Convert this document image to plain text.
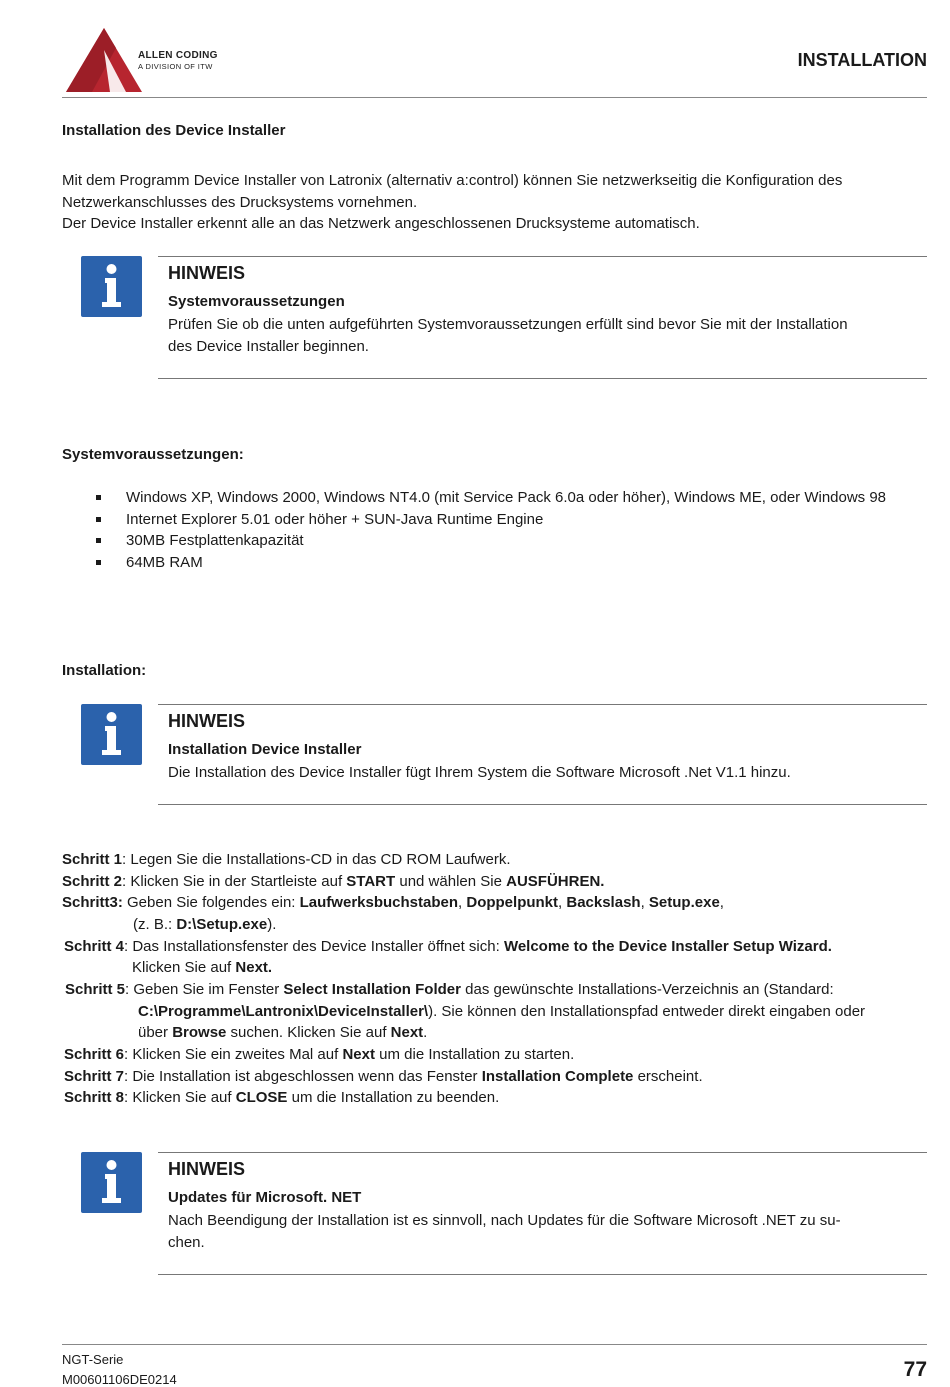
ALLEN CODING
A DIVISION OF ITW	INSTALLATION
Installation des Device Installer

Mit dem Programm Device Installer von Latronix (alternativ a:control) können Sie netzwerkseitig die Konfiguration des

Netzwerkanschlusses des Drucksystems vornehmen.

Der Device Installer erkennt alle an das Netzwerk angeschlossenen Drucksysteme automatisch.

HINWEIS
Systemvoraussetzungen
Prüfen Sie ob die unten aufgeführten Systemvoraussetzungen erfüllt sind bevor Sie mit der Installation
des Device Installer beginnen.
Systemvoraussetzungen:
Windows XP, Windows 2000, Windows NT4.0 (mit Service Pack 6.0a oder höher), Windows ME, oder Windows 98
Internet Explorer 5.01 oder höher + SUN-Java Runtime Engine
30MB Festplattenkapazität
64MB RAM
Installation:
HINWEIS
Installation Device Installer
Die Installation des Device Installer fügt Ihrem System die Software Microsoft .Net V1.1 hinzu.
Schritt 1: Legen Sie die Installations-CD in das CD ROM Laufwerk.
Schritt 2: Klicken Sie in der Startleiste auf START und wählen Sie AUSFÜHREN.
Schritt3: Geben Sie folgendes ein: Laufwerksbuchstaben, Doppelpunkt, Backslash, Setup.exe,
(z. B.: D:\Setup.exe).
Schritt 4: Das Installationsfenster des Device Installer öffnet sich: Welcome to the Device Installer Setup Wizard.
Klicken Sie auf Next.
Schritt 5: Geben Sie im Fenster Select Installation Folder das gewünschte Installations-Verzeichnis an (Standard:
C:\Programme\Lantronix\DeviceInstaller\). Sie können den Installationspfad entweder direkt eingaben oder
über Browse suchen. Klicken Sie auf Next.
Schritt 6: Klicken Sie ein zweites Mal auf Next um die Installation zu starten.
Schritt 7: Die Installation ist abgeschlossen wenn das Fenster Installation Complete erscheint.
Schritt 8: Klicken Sie auf CLOSE um die Installation zu beenden.
HINWEIS
Updates für Microsoft. NET
Nach Beendigung der Installation ist es sinnvoll, nach Updates für die Software Microsoft .NET zu su-
chen.
NGT-Serie
M00601106DE0214	77
